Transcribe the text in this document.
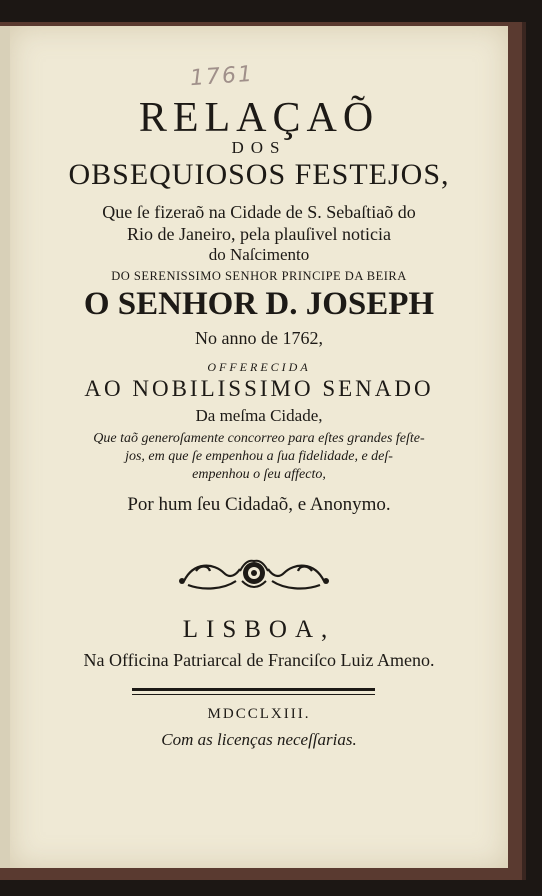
1761
RELAÇAÕ
DOS
OBSEQUIOSOS FESTEJOS,
Que ſe fizeraõ na Cidade de S. Sebaſtiaõ do
Rio de Janeiro, pela plauſivel noticia
do Naſcimento
DO SERENISSIMO SENHOR PRINCIPE DA BEIRA
O SENHOR D. JOSEPH
No anno de 1762,
OFFERECIDA
AO NOBILISSIMO SENADO
Da meſma Cidade,
Que taõ generoſamente concorreo para eſtes grandes feſte-
jos, em que ſe empenhou a ſua fidelidade, e deſ-
empenhou o ſeu affecto,
Por hum ſeu Cidadaõ, e Anonymo.
LISBOA,
Na Officina Patriarcal de Franciſco Luiz Ameno.
MDCCLXIII.
Com as licenças neceſſarias.
